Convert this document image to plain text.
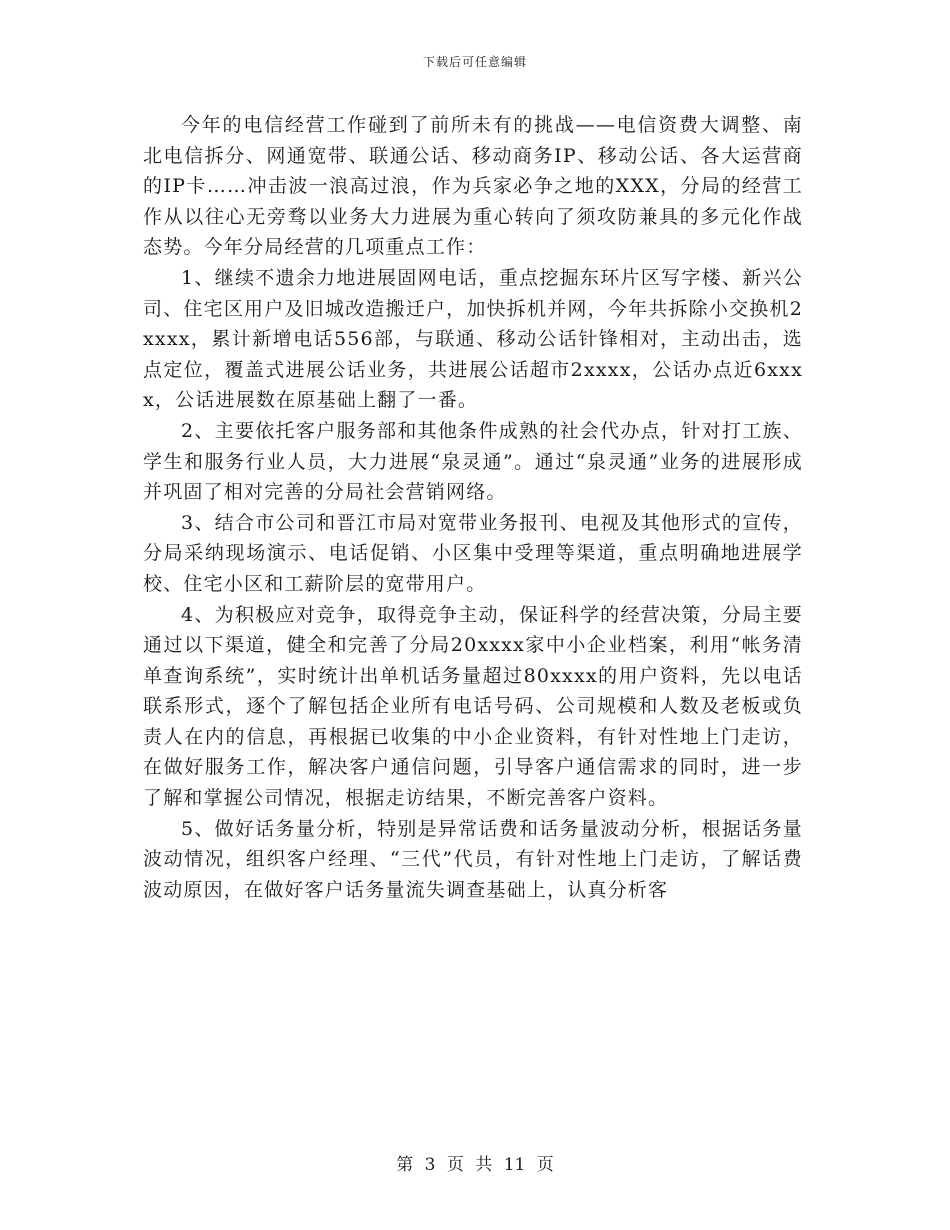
下载后可任意编辑

今年的电信经营工作碰到了前所未有的挑战——电信资费大调整、南北电信拆分、网通宽带、联通公话、移动商务IP、移动公话、各大运营商的IP卡……冲击波一浪高过浪，作为兵家必争之地的XXX，分局的经营工作从以往心无旁骛以业务大力进展为重心转向了须攻防兼具的多元化作战态势。今年分局经营的几项重点工作：

1、继续不遗余力地进展固网电话，重点挖掘东环片区写字楼、新兴公司、住宅区用户及旧城改造搬迁户，加快拆机并网，今年共拆除小交换机2xxxx，累计新增电话556部，与联通、移动公话针锋相对，主动出击，选点定位，覆盖式进展公话业务，共进展公话超市2xxxx，公话办点近6xxxx，公话进展数在原基础上翻了一番。

2、主要依托客户服务部和其他条件成熟的社会代办点，针对打工族、学生和服务行业人员，大力进展“泉灵通”。通过“泉灵通”业务的进展形成并巩固了相对完善的分局社会营销网络。

3、结合市公司和晋江市局对宽带业务报刊、电视及其他形式的宣传，分局采纳现场演示、电话促销、小区集中受理等渠道，重点明确地进展学校、住宅小区和工薪阶层的宽带用户。

4、为积极应对竞争，取得竞争主动，保证科学的经营决策，分局主要通过以下渠道，健全和完善了分局20xxxx家中小企业档案，利用“帐务清单查询系统”，实时统计出单机话务量超过80xxxx的用户资料，先以电话联系形式，逐个了解包括企业所有电话号码、公司规模和人数及老板或负责人在内的信息，再根据已收集的中小企业资料，有针对性地上门走访，在做好服务工作，解决客户通信问题，引导客户通信需求的同时，进一步了解和掌握公司情况，根据走访结果，不断完善客户资料。

5、做好话务量分析，特别是异常话费和话务量波动分析，根据话务量波动情况，组织客户经理、“三代”代员，有针对性地上门走访，了解话费波动原因，在做好客户话务量流失调查基础上，认真分析客

第 3 页 共 11 页
